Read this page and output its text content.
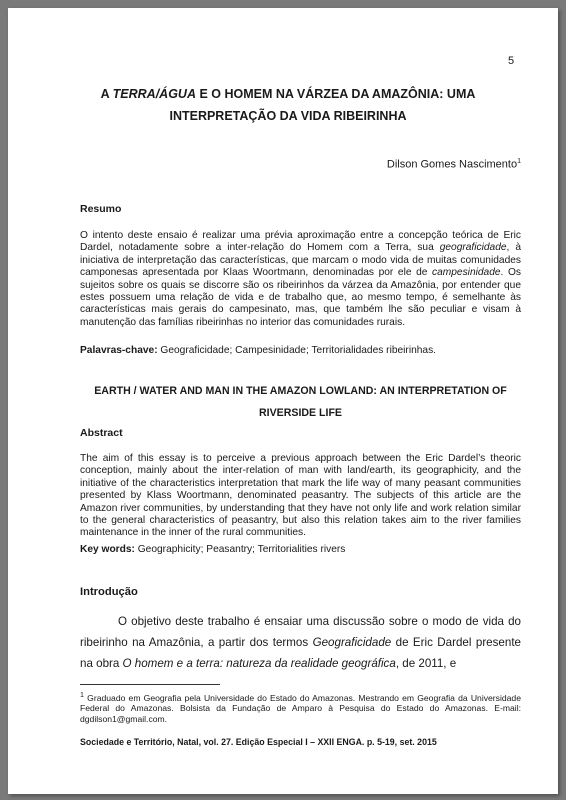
5
A TERRA/ÁGUA E O HOMEM NA VÁRZEA DA AMAZÔNIA: UMA INTERPRETAÇÃO DA VIDA RIBEIRINHA
Dilson Gomes Nascimento$^1$
Resumo

O intento deste ensaio é realizar uma prévia aproximação entre a concepção teórica de Eric Dardel, notadamente sobre a inter-relação do Homem com a Terra, sua geograficidade, à iniciativa de interpretação das características, que marcam o modo vida de muitas comunidades camponesas apresentada por Klaas Woortmann, denominadas por ele de campesinidade. Os sujeitos sobre os quais se discorre são os ribeirinhos da várzea da Amazônia, por entender que estes possuem uma relação de vida e de trabalho que, ao mesmo tempo, é semelhante às características mais gerais do campesinato, mas, que também lhe são peculiar e visam à manutenção das famílias ribeirinhas no interior das comunidades rurais.

Palavras-chave: Geograficidade; Campesinidade; Territorialidades ribeirinhas.
EARTH / WATER AND MAN IN THE AMAZON LOWLAND: AN INTERPRETATION OF RIVERSIDE LIFE
Abstract

The aim of this essay is to perceive a previous approach between the Eric Dardel’s theoric conception, mainly about the inter-relation of man with land/earth, its geographicity, and the initiative of the characteristics interpretation that mark the life way of many peasant communities presented by Klass Woortmann, denominated peasantry. The subjects of this article are the Amazon river communities, by understanding that they have not only life and work relation similar to the general characteristics of peasantry, but also this relation takes aim to the river families maintenance in the inner of the rural communities.

Key words: Geographicity; Peasantry; Territorialities rivers
Introdução

O objetivo deste trabalho é ensaiar uma discussão sobre o modo de vida do ribeirinho na Amazônia, a partir dos termos Geograficidade de Eric Dardel presente na obra O homem e a terra: natureza da realidade geográfica, de 2011, e

$^1$ Graduado em Geografia pela Universidade do Estado do Amazonas. Mestrando em Geografia da Universidade Federal do Amazonas. Bolsista da Fundação de Amparo à Pesquisa do Estado do Amazonas. E-mail: dgdilson1@gmail.com.

Sociedade e Território, Natal, vol. 27. Edição Especial I – XXII ENGA. p. 5-19, set. 2015
